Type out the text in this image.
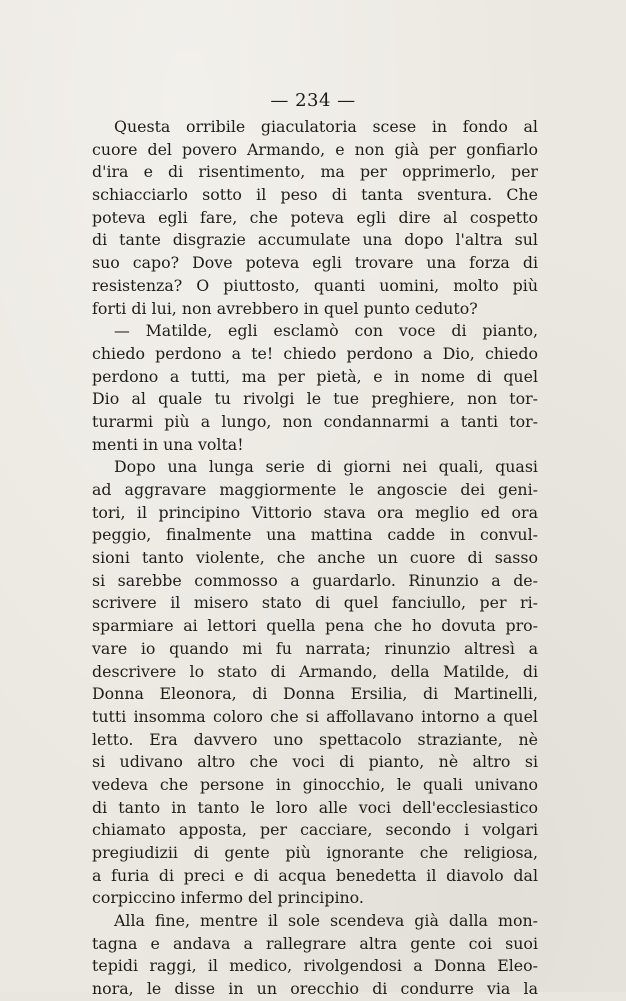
— 234 —
Questa orribile giaculatoria scese in fondo al
cuore del povero Armando, e non già per gonfiarlo
d'ira e di risentimento, ma per opprimerlo, per
schiacciarlo sotto il peso di tanta sventura. Che
poteva egli fare, che poteva egli dire al cospetto
di tante disgrazie accumulate una dopo l'altra sul
suo capo? Dove poteva egli trovare una forza di
resistenza? O piuttosto, quanti uomini, molto più
forti di lui, non avrebbero in quel punto ceduto?
— Matilde, egli esclamò con voce di pianto,
chiedo perdono a te! chiedo perdono a Dio, chiedo
perdono a tutti, ma per pietà, e in nome di quel
Dio al quale tu rivolgi le tue preghiere, non tor-
turarmi più a lungo, non condannarmi a tanti tor-
menti in una volta!
Dopo una lunga serie di giorni nei quali, quasi
ad aggravare maggiormente le angoscie dei geni-
tori, il principino Vittorio stava ora meglio ed ora
peggio, finalmente una mattina cadde in convul-
sioni tanto violente, che anche un cuore di sasso
si sarebbe commosso a guardarlo. Rinunzio a de-
scrivere il misero stato di quel fanciullo, per ri-
sparmiare ai lettori quella pena che ho dovuta pro-
vare io quando mi fu narrata; rinunzio altresì a
descrivere lo stato di Armando, della Matilde, di
Donna Eleonora, di Donna Ersilia, di Martinelli,
tutti insomma coloro che si affollavano intorno a quel
letto. Era davvero uno spettacolo straziante, nè
si udivano altro che voci di pianto, nè altro si
vedeva che persone in ginocchio, le quali univano
di tanto in tanto le loro alle voci dell'ecclesiastico
chiamato apposta, per cacciare, secondo i volgari
pregiudizii di gente più ignorante che religiosa,
a furia di preci e di acqua benedetta il diavolo dal
corpiccino infermo del principino.
Alla fine, mentre il sole scendeva già dalla mon-
tagna e andava a rallegrare altra gente coi suoi
tepidi raggi, il medico, rivolgendosi a Donna Eleo-
nora, le disse in un orecchio di condurre via la
